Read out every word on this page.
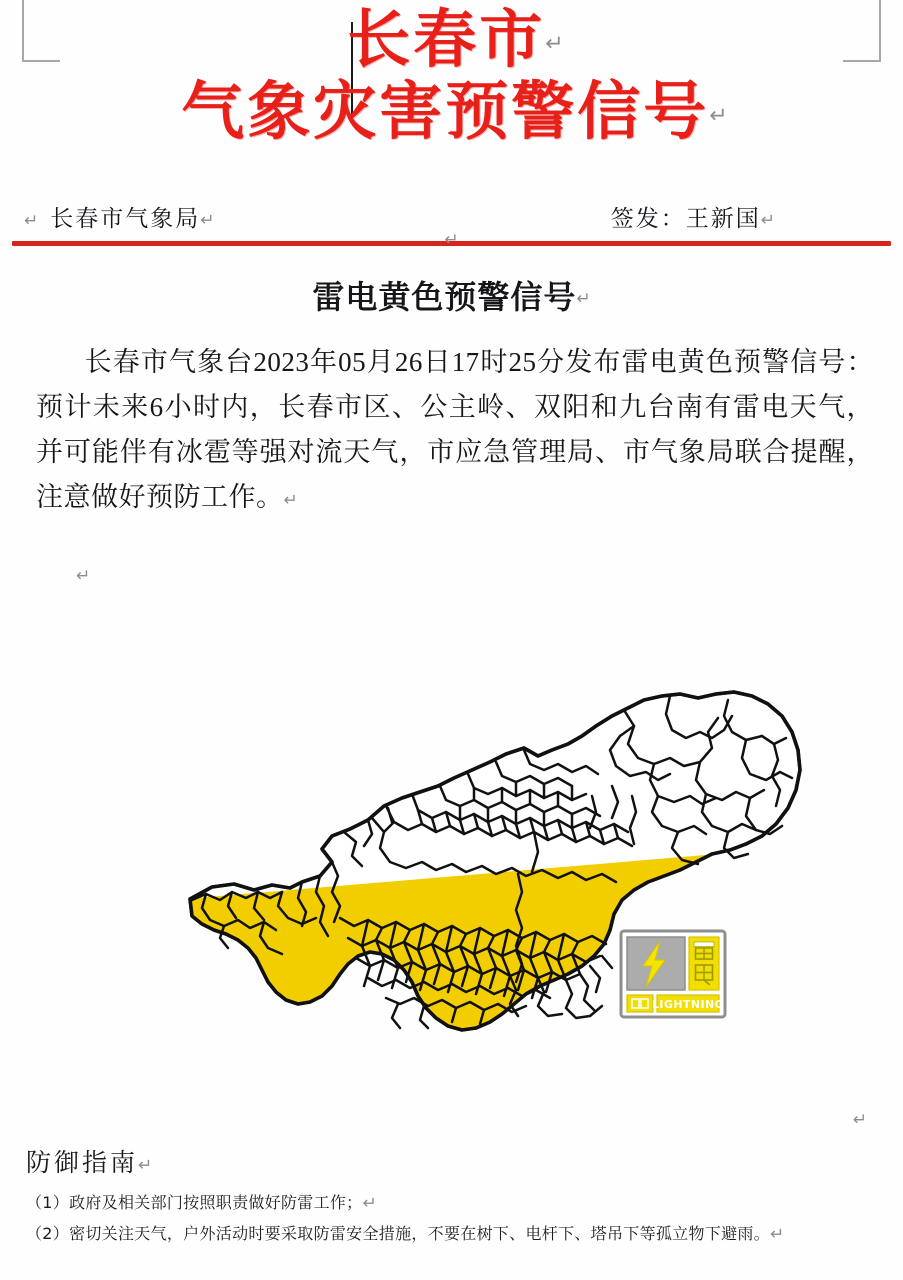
长春市↵
气象灾害预警信号↵
↵ 长春市气象局↵	签发：王新国↵
↵
雷电黄色预警信号↵
长春市气象台2023年05月26日17时25分发布雷电黄色预警信号：预计未来6小时内，长春市区、公主岭、双阳和九台南有雷电天气，并可能伴有冰雹等强对流天气，市应急管理局、市气象局联合提醒，注意做好预防工作。↵
↵
LIGHTNING
↵
防御指南↵
（1）政府及相关部门按照职责做好防雷工作；↵
（2）密切关注天气，户外活动时要采取防雷安全措施，不要在树下、电杆下、塔吊下等孤立物下避雨。↵
